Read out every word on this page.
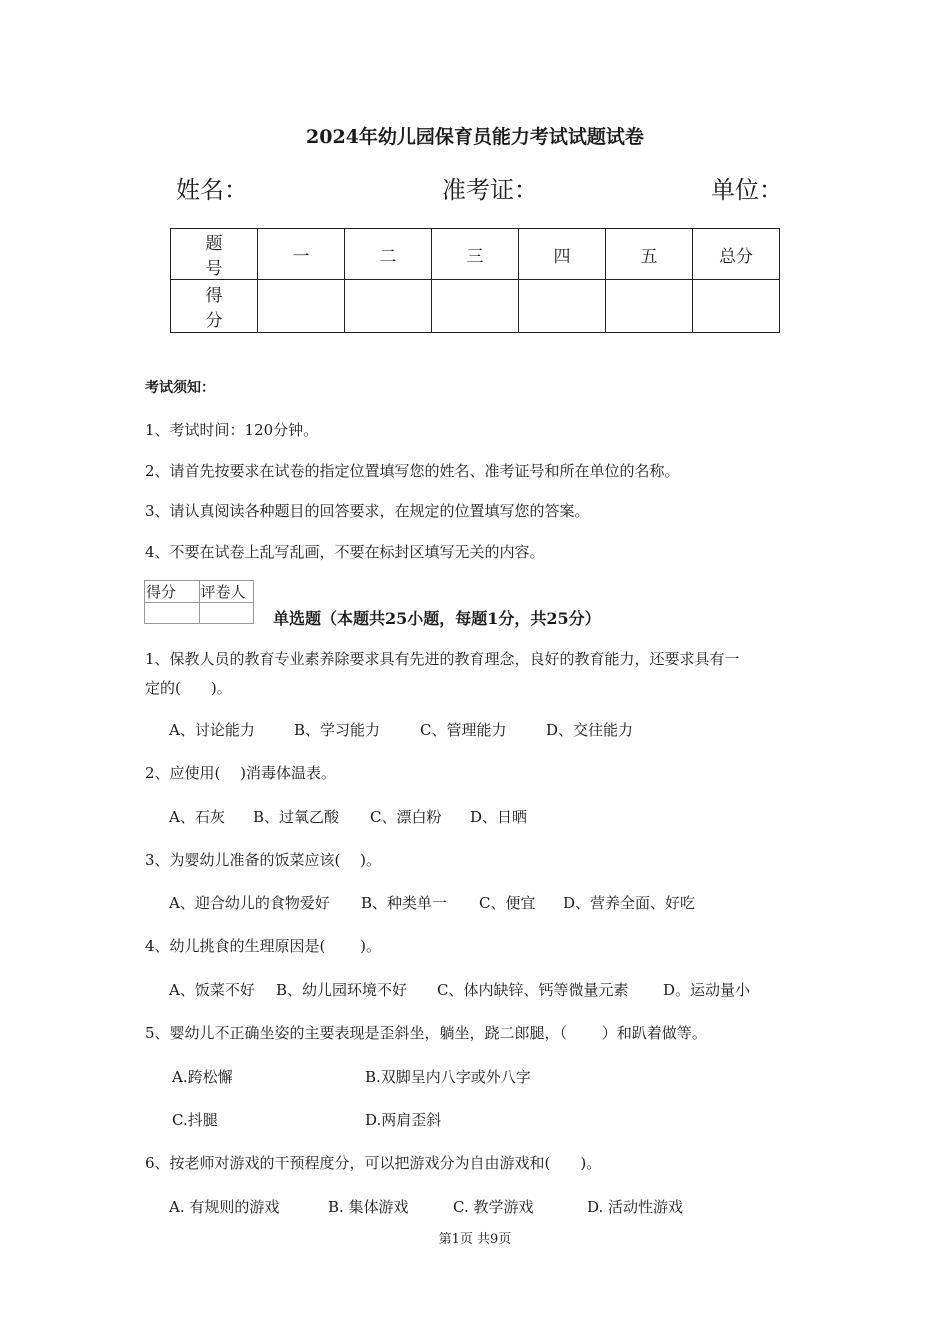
2024年幼儿园保育员能力考试试题试卷
姓名：	准考证：	单位：
题号	一	二	三	四	五	总分
得分						
考试须知：
1、考试时间：120分钟。
2、请首先按要求在试卷的指定位置填写您的姓名、准考证号和所在单位的名称。
3、请认真阅读各种题目的回答要求，在规定的位置填写您的答案。
4、不要在试卷上乱写乱画，不要在标封区填写无关的内容。
得分	评卷人

单选题（本题共25小题，每题1分，共25分）
1、保教人员的教育专业素养除要求具有先进的教育理念，良好的教育能力，还要求具有一
定的(　　)。
A、讨论能力	B、学习能力	C、管理能力	D、交往能力
2、应使用(　 )消毒体温表。
A、石灰 B、过氧乙酸 C、漂白粉 D、日晒
3、为婴幼儿准备的饭菜应该(　 )。
A、迎合幼儿的食物爱好 B、种类单一 C、便宜 D、营养全面、好吃
4、幼儿挑食的生理原因是(　　 )。
A、饭菜不好 B、幼儿园环境不好 C、体内缺锌、钙等微量元素 D。运动量小
5、婴幼儿不正确坐姿的主要表现是歪斜坐，躺坐，跷二郎腿，（　　 ）和趴着做等。
A.跨松懈	B.双脚呈内八字或外八字
C.抖腿	D.两肩歪斜
6、按老师对游戏的干预程度分，可以把游戏分为自由游戏和(　　)。
A. 有规则的游戏	B. 集体游戏	C. 教学游戏	D. 活动性游戏
第1页 共9页
